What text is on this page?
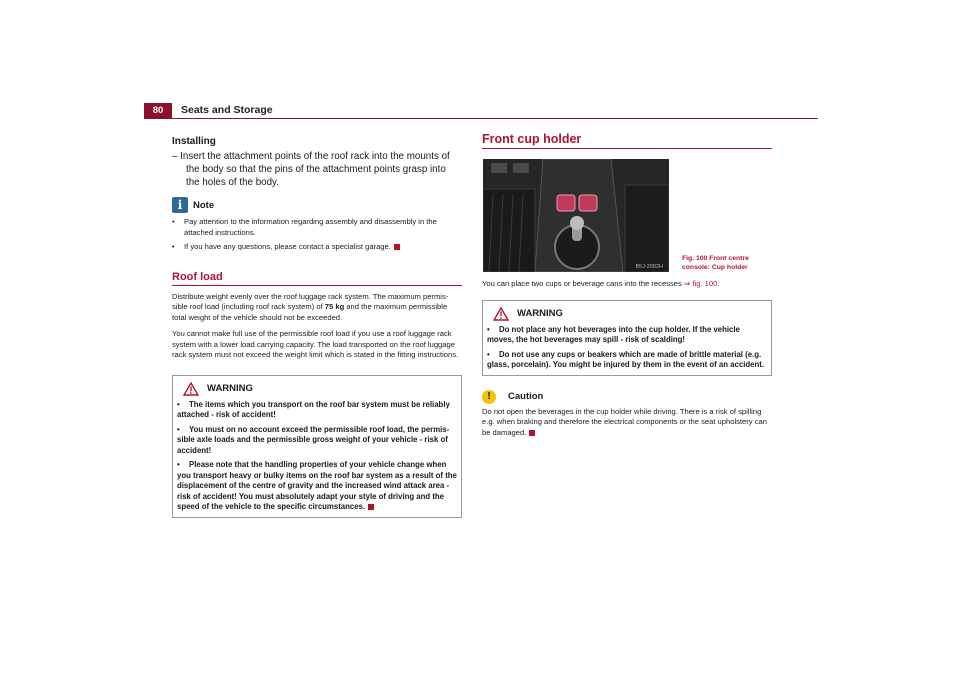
80	Seats and Storage
Installing
– Insert the attachment points of the roof rack into the mounts of the body so that the pins of the attachment points grasp into the holes of the body.
i	Note
• Pay attention to the information regarding assembly and disassembly in the attached instructions.
• If you have any questions, please contact a specialist garage.
Roof load
Distribute weight evenly over the roof luggage rack system. The maximum permis-sible roof load (including roof rack system) of 75 kg and the maximum permissible total weight of the vehicle should not be exceeded.
You cannot make full use of the permissible roof load if you use a roof luggage rack system with a lower load carrying capacity. The load transported on the roof luggage rack system must not exceed the weight limit which is stated in the fitting instructions.
WARNING
• The items which you transport on the roof bar system must be reliably attached - risk of accident!
• You must on no account exceed the permissible roof load, the permis-sible axle loads and the permissible gross weight of your vehicle - risk of accident!
• Please note that the handling properties of your vehicle change when you transport heavy or bulky items on the roof bar system as a result of the displacement of the centre of gravity and the increased wind attack area - risk of accident! You must absolutely adapt your style of driving and the speed of the vehicle to the specific circumstances.
Front cup holder
B5J-2002H
Fig. 100 Front centre
console: Cup holder
You can place two cups or beverage cans into the recesses ⇒ fig. 100.
WARNING
• Do not place any hot beverages into the cup holder. If the vehicle moves, the hot beverages may spill - risk of scalding!
• Do not use any cups or beakers which are made of brittle material (e.g. glass, porcelain). You might be injured by them in the event of an accident.
!	Caution
Do not open the beverages in the cup holder while driving. There is a risk of spilling e.g. when braking and therefore the electrical components or the seat upholstery can be damaged.
